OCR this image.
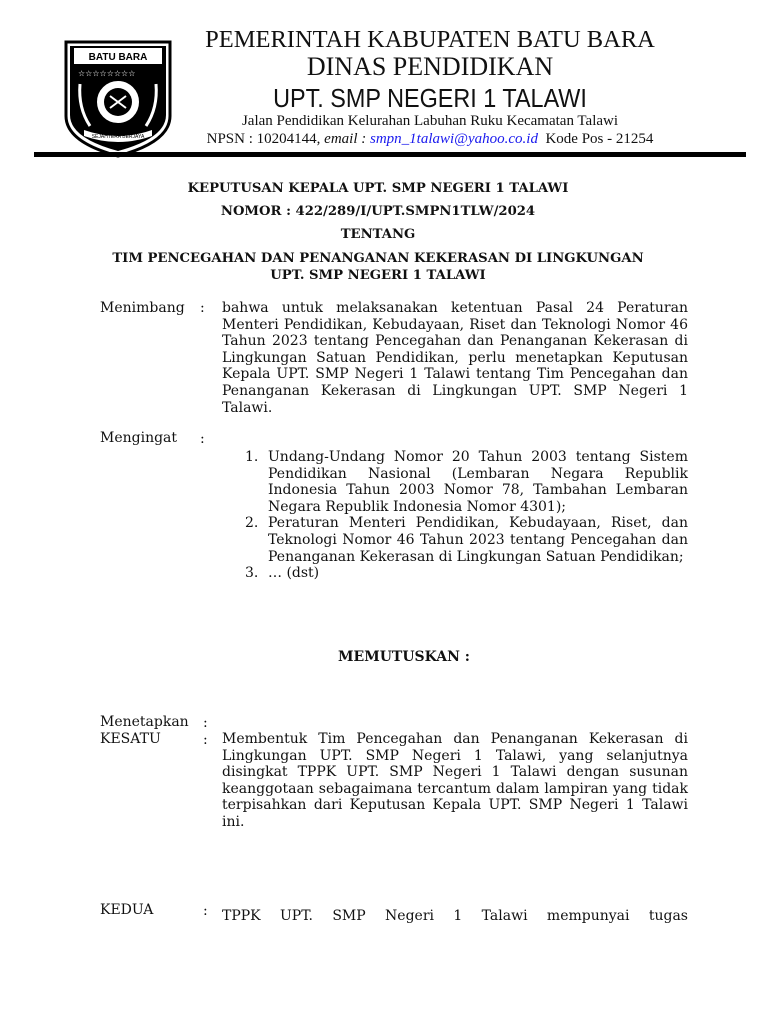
BATU BARA
☆☆☆☆☆☆☆☆
SEJAHTERA BERJAYA
PEMERINTAH KABUPATEN BATU BARA
DINAS PENDIDIKAN
UPT. SMP NEGERI 1 TALAWI
Jalan Pendidikan Kelurahan Labuhan Ruku Kecamatan Talawi
NPSN : 10204144, email : smpn_1talawi@yahoo.co.id Kode Pos - 21254
KEPUTUSAN KEPALA UPT. SMP NEGERI 1 TALAWI
NOMOR : 422/289/I/UPT.SMPN1TLW/2024
TENTANG
TIM PENCEGAHAN DAN PENANGANAN KEKERASAN DI LINGKUNGAN
UPT. SMP NEGERI 1 TALAWI
Menimbang : bahwa untuk melaksanakan ketentuan Pasal 24 Peraturan Menteri Pendidikan, Kebudayaan, Riset dan Teknologi Nomor 46 Tahun 2023 tentang Pencegahan dan Penanganan Kekerasan di Lingkungan Satuan Pendidikan, perlu menetapkan Keputusan Kepala UPT. SMP Negeri 1 Talawi tentang Tim Pencegahan dan Penanganan Kekerasan di Lingkungan UPT. SMP Negeri 1 Talawi.
Mengingat :
1. Undang-Undang Nomor 20 Tahun 2003 tentang Sistem Pendidikan Nasional (Lembaran Negara Republik Indonesia Tahun 2003 Nomor 78, Tambahan Lembaran Negara Republik Indonesia Nomor 4301);
2. Peraturan Menteri Pendidikan, Kebudayaan, Riset, dan Teknologi Nomor 46 Tahun 2023 tentang Pencegahan dan Penanganan Kekerasan di Lingkungan Satuan Pendidikan;
3. … (dst)
MEMUTUSKAN :
Menetapkan :
KESATU	: Membentuk Tim Pencegahan dan Penanganan Kekerasan di Lingkungan UPT. SMP Negeri 1 Talawi, yang selanjutnya disingkat TPPK UPT. SMP Negeri 1 Talawi dengan susunan keanggotaan sebagaimana tercantum dalam lampiran yang tidak terpisahkan dari Keputusan Kepala UPT. SMP Negeri 1 Talawi ini.
KEDUA	: TPPK UPT. SMP Negeri 1 Talawi mempunyai tugas
